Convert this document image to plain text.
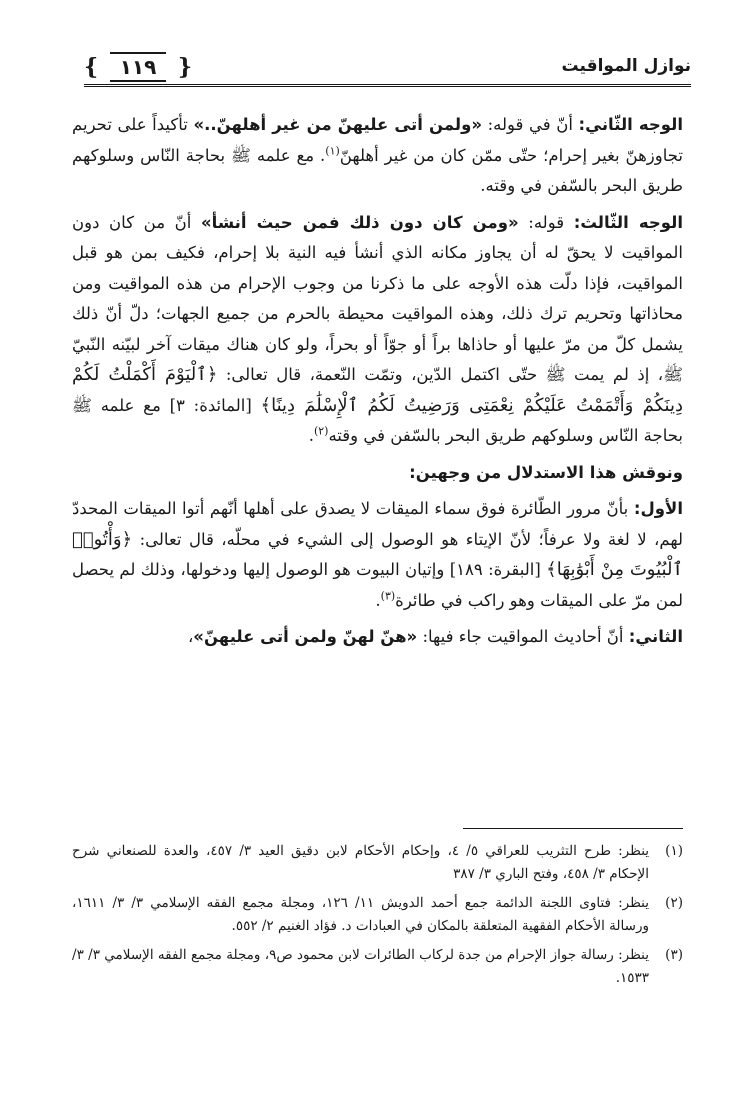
نوازل المواقيت
{	١١٩ }

الوجه الثّاني: أنّ في قوله: «ولمن أتى عليهنّ من غير أهلهنّ..» تأكيداً على تحريم تجاوزهنّ بغير إحرام؛ حتّى ممّن كان من غير أهلهنّ$^{(١)}$. مع علمه ﷺ بحاجة النّاس وسلوكهم طريق البحر بالسّفن في وقته.

الوجه الثّالث: قوله: «ومن كان دون ذلك فمن حيث أنشأ» أنّ من كان دون المواقيت لا يحقّ له أن يجاوز مكانه الذي أنشأ فيه النية بلا إحرام، فكيف بمن هو قبل المواقيت، فإذا دلّت هذه الأوجه على ما ذكرنا من وجوب الإحرام من هذه المواقيت ومن محاذاتها وتحريم ترك ذلك، وهذه المواقيت محيطة بالحرم من جميع الجهات؛ دلّ أنّ ذلك يشمل كلّ من مرّ عليها أو حاذاها براً أو جوّاً أو بحراً، ولو كان هناك ميقات آخر لبيّنه النّبيّ ﷺ، إذ لم يمت ﷺ حتّى اكتمل الدّين، وتمّت النّعمة، قال تعالى: ﴿ٱلْيَوْمَ أَكْمَلْتُ لَكُمْ دِينَكُمْ وَأَتْمَمْتُ عَلَيْكُمْ نِعْمَتِى وَرَضِيتُ لَكُمُ ٱلْإِسْلَٰمَ دِينًا﴾ [المائدة: ٣] مع علمه ﷺ بحاجة النّاس وسلوكهم طريق البحر بالسّفن في وقته$^{(٢)}$.

ونوقش هذا الاستدلال من وجهين:

الأول: بأنّ مرور الطّائرة فوق سماء الميقات لا يصدق على أهلها أنّهم أتوا الميقات المحددّ لهم، لا لغة ولا عرفاً؛ لأنّ الإيتاء هو الوصول إلى الشيء في محلّه، قال تعالى: ﴿وَأْتُوا۟ ٱلْبُيُوتَ مِنْ أَبْوَٰبِهَا﴾ [البقرة: ١٨٩] وإتيان البيوت هو الوصول إليها ودخولها، وذلك لم يحصل لمن مرّ على الميقات وهو راكب في طائرة$^{(٣)}$.

الثاني: أنّ أحاديث المواقيت جاء فيها: «هنّ لهنّ ولمن أتى عليهنّ»،

(١)
ينظر: طرح التثريب للعراقي ٥/ ٤، وإحكام الأحكام لابن دقيق العيد ٣/ ٤٥٧، والعدة للصنعاني شرح الإحكام ٣/ ٤٥٨، وفتح الباري ٣/ ٣٨٧
(٢)
ينظر: فتاوى اللجنة الدائمة جمع أحمد الدويش ١١/ ١٢٦، ومجلة مجمع الفقه الإسلامي ٣/ ٣/ ١٦١١، ورسالة الأحكام الفقهية المتعلقة بالمكان في العبادات د. فؤاد الغنيم ٢/ ٥٥٢.
(٣)
ينظر: رسالة جواز الإحرام من جدة لركاب الطائرات لابن محمود ص٩، ومجلة مجمع الفقه الإسلامي ٣/ ٣/ ١٥٣٣.
